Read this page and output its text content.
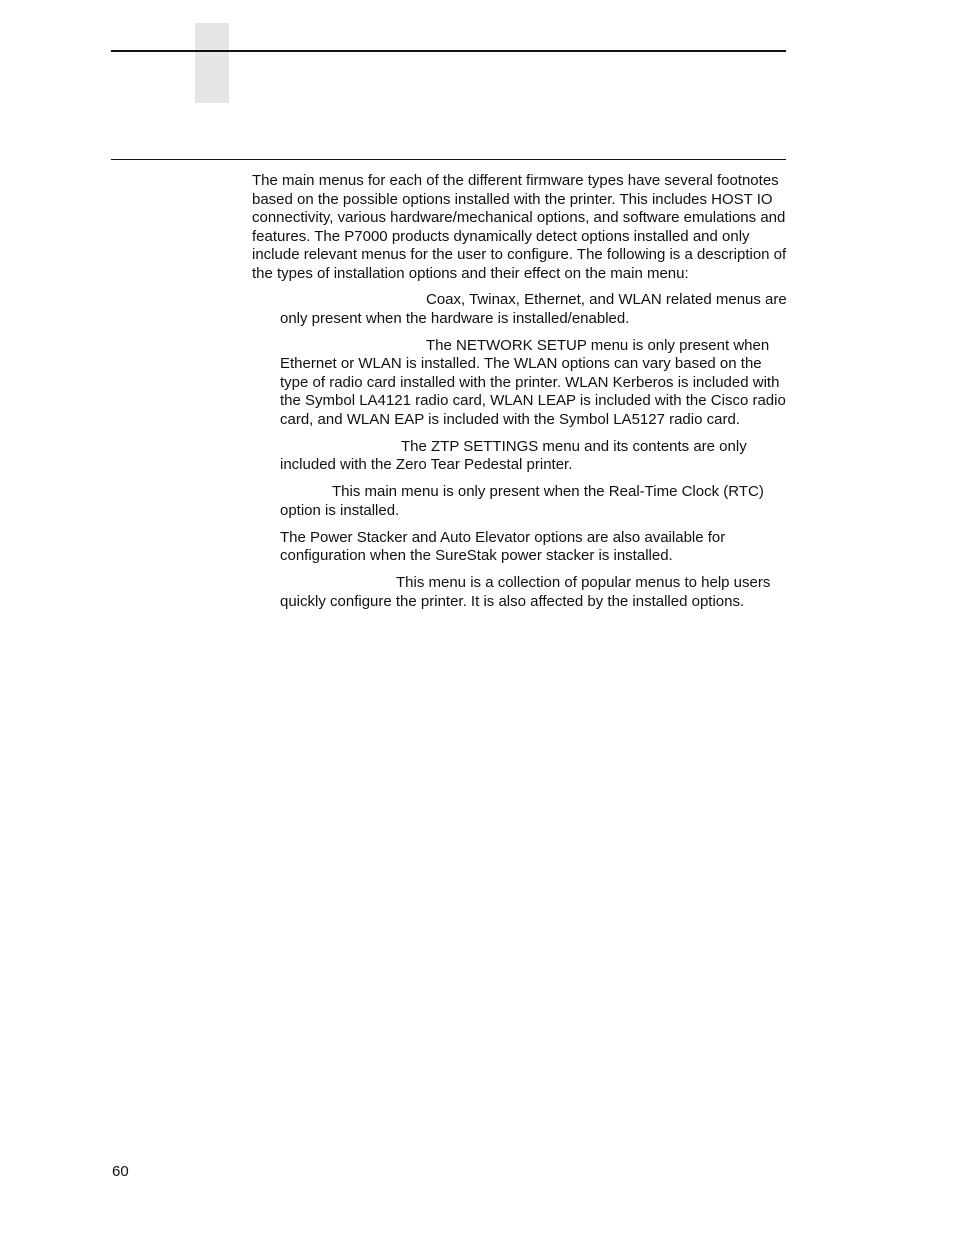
The main menus for each of the different firmware types have several footnotes based on the possible options installed with the printer. This includes HOST IO connectivity, various hardware/mechanical options, and software emulations and features. The P7000 products dynamically detect options installed and only include relevant menus for the user to configure. The following is a description of the types of installation options and their effect on the main menu:

Coax, Twinax, Ethernet, and WLAN related menus are only present when the hardware is installed/enabled.
The NETWORK SETUP menu is only present when Ethernet or WLAN is installed. The WLAN options can vary based on the type of radio card installed with the printer. WLAN Kerberos is included with the Symbol LA4121 radio card, WLAN LEAP is included with the Cisco radio card, and WLAN EAP is included with the Symbol LA5127 radio card.
The ZTP SETTINGS menu and its contents are only included with the Zero Tear Pedestal printer.
This main menu is only present when the Real-Time Clock (RTC) option is installed.
The Power Stacker and Auto Elevator options are also available for configuration when the SureStak power stacker is installed.
This menu is a collection of popular menus to help users quickly configure the printer. It is also affected by the installed options.
60
